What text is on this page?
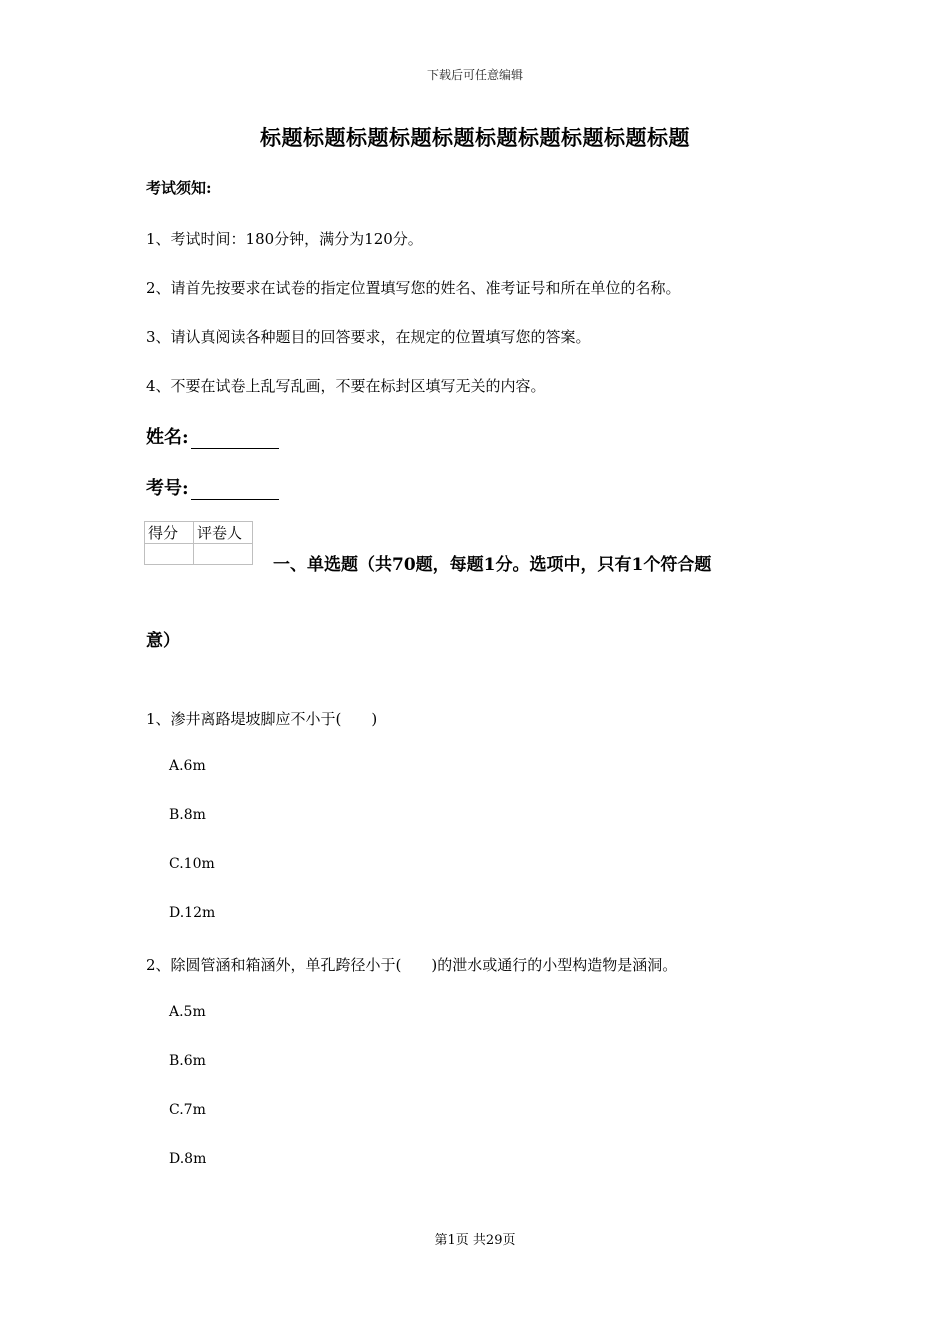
下载后可任意编辑
标题标题标题标题标题标题标题标题标题标题
考试须知:
1、考试时间：180分钟，满分为120分。
2、请首先按要求在试卷的指定位置填写您的姓名、准考证号和所在单位的名称。
3、请认真阅读各种题目的回答要求，在规定的位置填写您的答案。
4、不要在试卷上乱写乱画，不要在标封区填写无关的内容。
姓名:
考号:
得分	评卷人

一、单选题（共70题，每题1分。选项中，只有1个符合题
意）
1、渗井离路堤坡脚应不小于(　　)
A.6m
B.8m
C.10m
D.12m
2、除圆管涵和箱涵外，单孔跨径小于(　　)的泄水或通行的小型构造物是涵洞。
A.5m
B.6m
C.7m
D.8m
第1页 共29页
